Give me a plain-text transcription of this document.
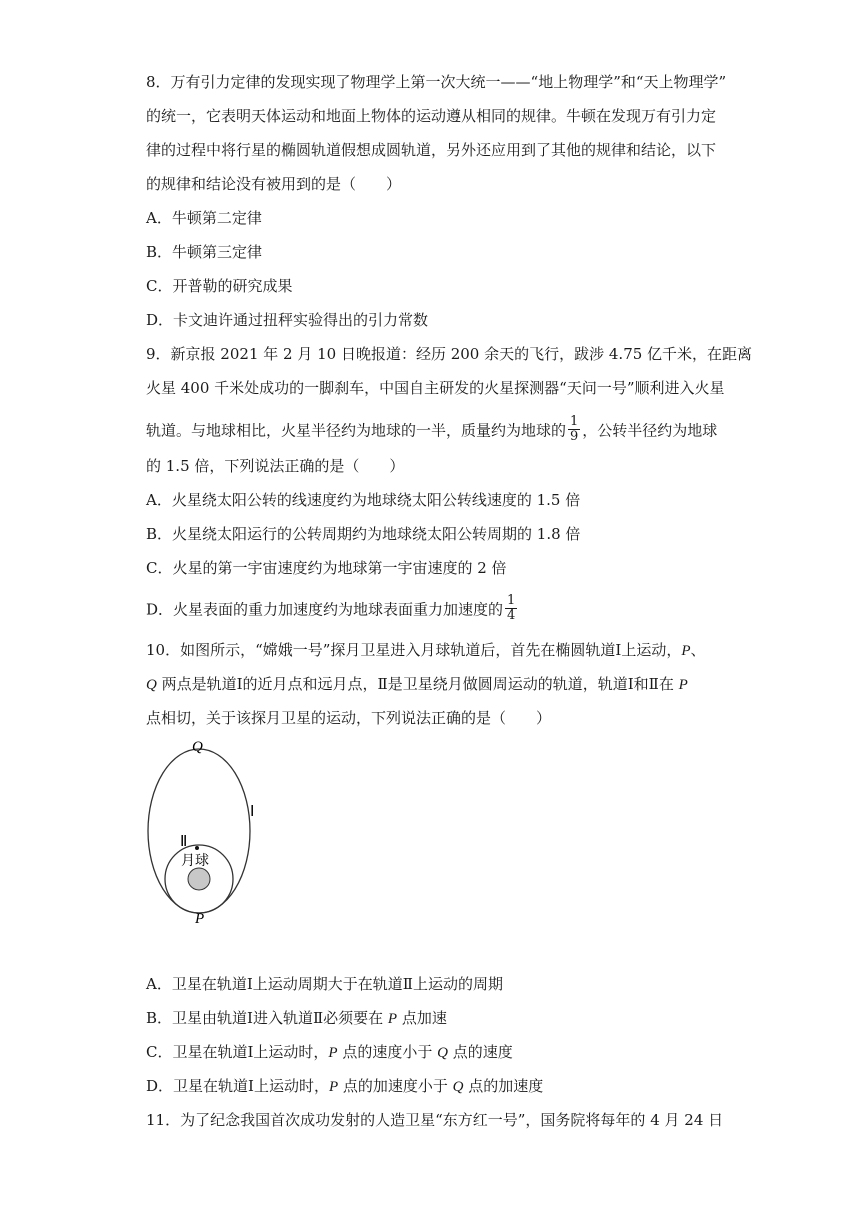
8．万有引力定律的发现实现了物理学上第一次大统一——“地上物理学”和“天上物理学”
的统一，它表明天体运动和地面上物体的运动遵从相同的规律。牛顿在发现万有引力定
律的过程中将行星的椭圆轨道假想成圆轨道，另外还应用到了其他的规律和结论，以下
的规律和结论没有被用到的是（　　）
A．牛顿第二定律
B．牛顿第三定律
C．开普勒的研究成果
D．卡文迪许通过扭秤实验得出的引力常数
9．新京报 2021 年 2 月 10 日晚报道：经历 200 余天的飞行，跋涉 4.75 亿千米，在距离
火星 400 千米处成功的一脚刹车，中国自主研发的火星探测器“天问一号”顺利进入火星
轨道。与地球相比，火星半径约为地球的一半，质量约为地球的 $\frac{1}{9}$ ，公转半径约为地球
的 1.5 倍，下列说法正确的是（　　）
A．火星绕太阳公转的线速度约为地球绕太阳公转线速度的 1.5 倍
B．火星绕太阳运行的公转周期约为地球绕太阳公转周期的 1.8 倍
C．火星的第一宇宙速度约为地球第一宇宙速度的 2 倍
D．火星表面的重力加速度约为地球表面重力加速度的 $\frac{1}{4}$
10．如图所示，“嫦娥一号”探月卫星进入月球轨道后，首先在椭圆轨道Ⅰ上运动，P、
Q 两点是轨道Ⅰ的近月点和远月点，Ⅱ是卫星绕月做圆周运动的轨道，轨道Ⅰ和Ⅱ在 P
点相切，关于该探月卫星的运动，下列说法正确的是（　　）
Q
Ⅰ
Ⅱ
月球
P
A．卫星在轨道Ⅰ上运动周期大于在轨道Ⅱ上运动的周期
B．卫星由轨道Ⅰ进入轨道Ⅱ必须要在 P 点加速
C．卫星在轨道Ⅰ上运动时，P 点的速度小于 Q 点的速度
D．卫星在轨道Ⅰ上运动时，P 点的加速度小于 Q 点的加速度
11．为了纪念我国首次成功发射的人造卫星“东方红一号”，国务院将每年的 4 月 24 日
